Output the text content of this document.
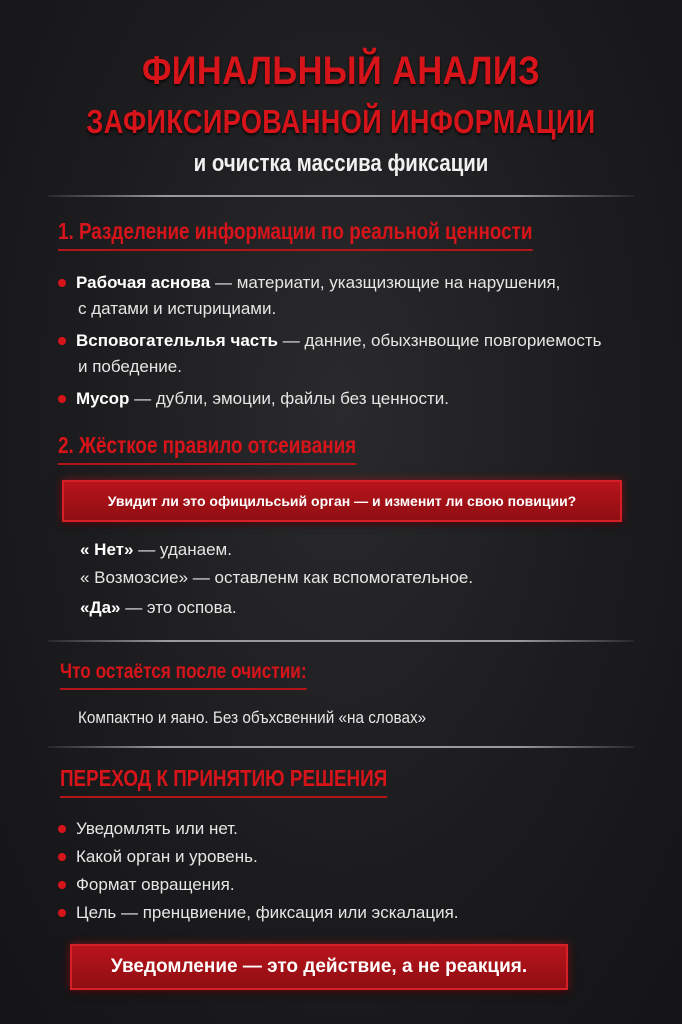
ФИНАЛЬНЫЙ АНАЛИЗ
ЗАФИКСИРОВАННОЙ ИНФОРМАЦИИ
и очистка массива фиксации
1. Разделение информации по реальной ценности
Рабочая аснова — материати, указщизющие на нарушения,
с датами и истuрициами.
Всповогательлья часть — данние, обыхзнвощие повгориемость
и победение.
Мусор — дубли, эмоции, файлы без ценности.
2. Жёсткое правило отсеивания
Увидит ли это официльсьий орган — и изменит ли свою повиции?
« Нет» — уданаем.
« Возмозсие» — оставленм как вспомогательное.
«Да» — это оспова.
Что остаётся после очистии:
Компактно и яано. Без объхсвенний «на словах»
ПЕРЕХОД К ПРИНЯТИЮ РЕШЕНИЯ
Уведомлять или нет.
Какой орган и уровень.
Формат овращения.
Цель — пренцвиение, фиксация или эскалация.
Уведомление — это действие, а не реакция.
